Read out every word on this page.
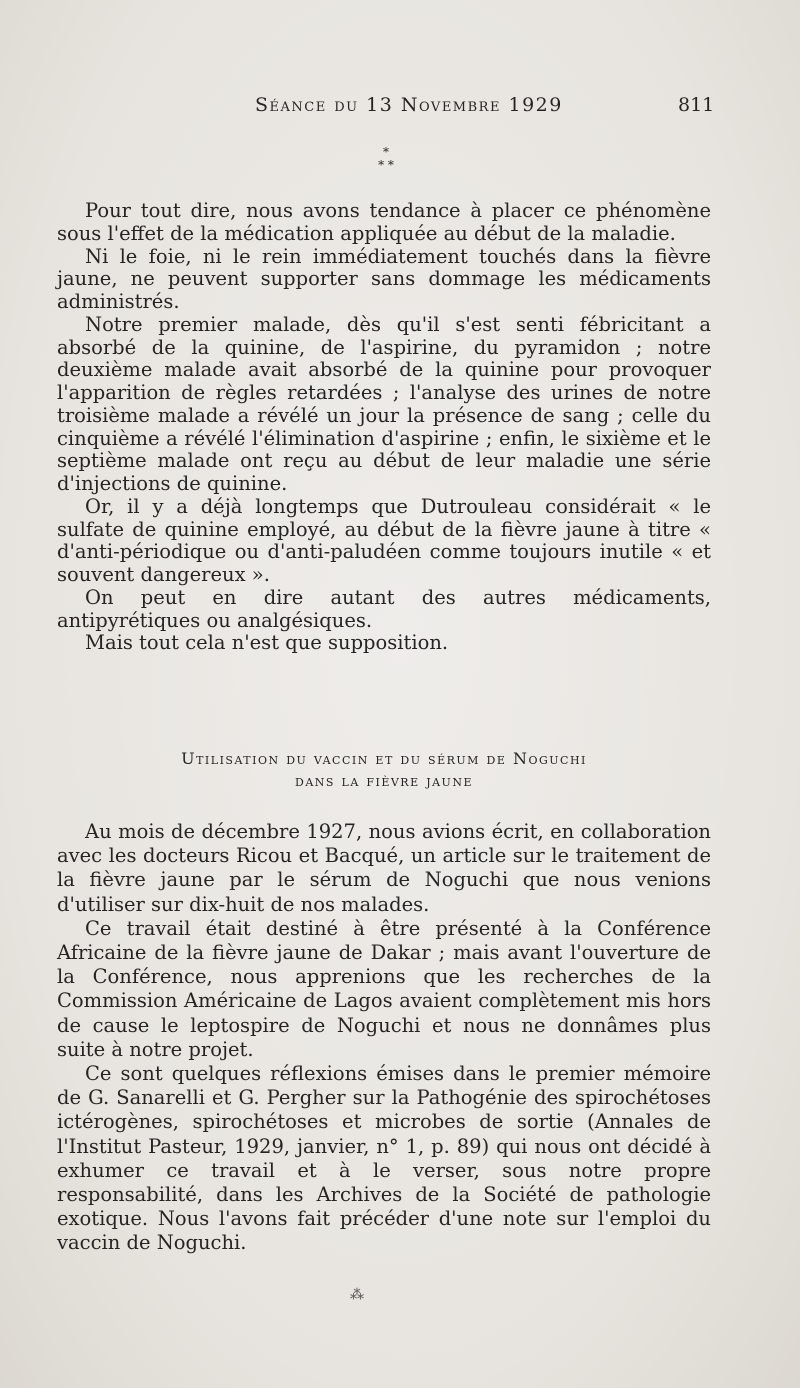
Séance du 13 Novembre 1929	811
*
* *

Pour tout dire, nous avons tendance à placer ce phénomène sous l'effet de la médication appliquée au début de la maladie.

Ni le foie, ni le rein immédiatement touchés dans la fièvre jaune, ne peuvent supporter sans dommage les médicaments administrés.

Notre premier malade, dès qu'il s'est senti fébricitant a absorbé de la quinine, de l'aspirine, du pyramidon ; notre deuxième malade avait absorbé de la quinine pour provoquer l'apparition de règles retardées ; l'analyse des urines de notre troisième malade a révélé un jour la présence de sang ; celle du cinquième a révélé l'élimination d'aspirine ; enfin, le sixième et le septième malade ont reçu au début de leur maladie une série d'injections de quinine.

Or, il y a déjà longtemps que Dutrouleau considérait « le sulfate de quinine employé, au début de la fièvre jaune à titre « d'anti-périodique ou d'anti-paludéen comme toujours inutile « et souvent dangereux ».

On peut en dire autant des autres médicaments, antipyrétiques ou analgésiques.

Mais tout cela n'est que supposition.

Utilisation du vaccin et du sérum de Noguchi
dans la fièvre jaune

Au mois de décembre 1927, nous avions écrit, en collaboration avec les docteurs Ricou et Bacqué, un article sur le traitement de la fièvre jaune par le sérum de Noguchi que nous venions d'utiliser sur dix-huit de nos malades.

Ce travail était destiné à être présenté à la Conférence Africaine de la fièvre jaune de Dakar ; mais avant l'ouverture de la Conférence, nous apprenions que les recherches de la Commission Américaine de Lagos avaient complètement mis hors de cause le leptospire de Noguchi et nous ne donnâmes plus suite à notre projet.

Ce sont quelques réflexions émises dans le premier mémoire de G. Sanarelli et G. Pergher sur la Pathogénie des spirochétoses ictérogènes, spirochétoses et microbes de sortie (Annales de l'Institut Pasteur, 1929, janvier, n° 1, p. 89) qui nous ont décidé à exhumer ce travail et à le verser, sous notre propre responsabilité, dans les Archives de la Société de pathologie exotique. Nous l'avons fait précéder d'une note sur l'emploi du vaccin de Noguchi.

⁂
